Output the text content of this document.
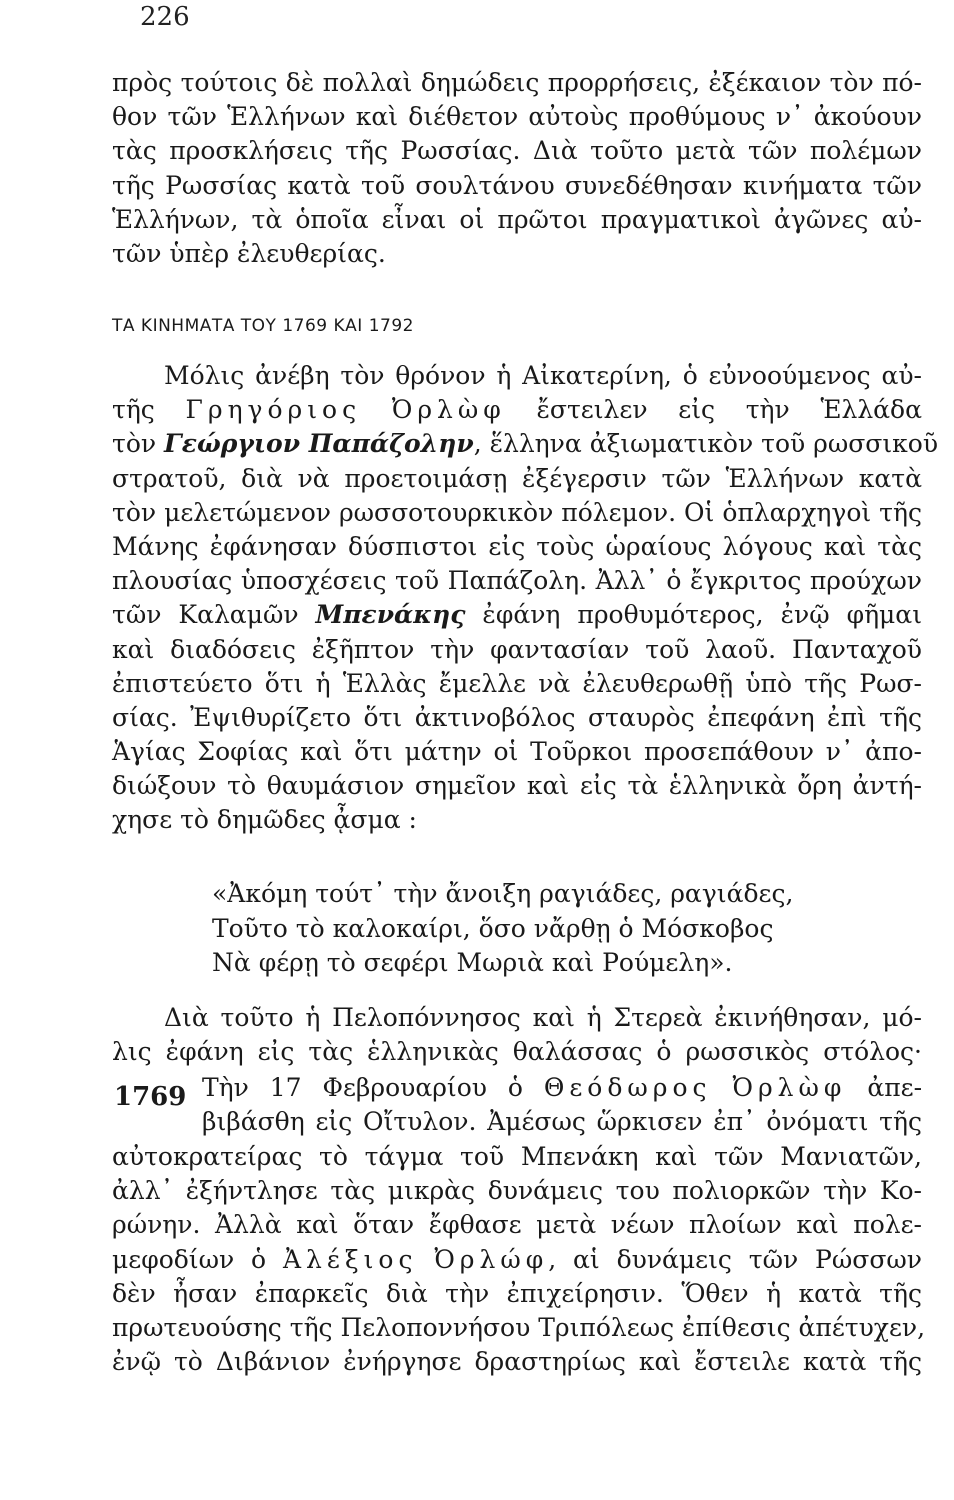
226
πρὸς τούτοις δὲ πολλαὶ δημώδεις προρρήσεις, ἐξέκαιον τὸν πό-
θον τῶν Ἑλλήνων καὶ διέθετον αὐτοὺς προθύμους ν᾿ ἀκούουν
τὰς προσκλήσεις τῆς Ρωσσίας. Διὰ τοῦτο μετὰ τῶν πολέμων
τῆς Ρωσσίας κατὰ τοῦ σουλτάνου συνεδέθησαν κινήματα τῶν
Ἑλλήνων, τὰ ὁποῖα εἶναι οἱ πρῶτοι πραγματικοὶ ἀγῶνες αὐ-
τῶν ὑπὲρ ἐλευθερίας.
ΤΑ ΚΙΝΗΜΑΤΑ ΤΟΥ 1769 ΚΑΙ 1792
Μόλις ἀνέβη τὸν θρόνον ἡ Αἰκατερίνη, ὁ εὐνοούμενος αὐ-
τῆς Γρηγόριος Ὀρλὼφ ἔστειλεν εἰς τὴν Ἑλλάδα
τὸν Γεώργιον Παπάζολην, ἕλληνα ἀξιωματικὸν τοῦ ρωσσικοῦ
στρατοῦ, διὰ νὰ προετοιμάσῃ ἐξέγερσιν τῶν Ἑλλήνων κατὰ
τὸν μελετώμενον ρωσσοτουρκικὸν πόλεμον. Οἱ ὁπλαρχηγοὶ τῆς
Μάνης ἐφάνησαν δύσπιστοι εἰς τοὺς ὡραίους λόγους καὶ τὰς
πλουσίας ὑποσχέσεις τοῦ Παπάζολη. Ἀλλ᾿ ὁ ἔγκριτος προύχων
τῶν Καλαμῶν Μπενάκης ἐφάνη προθυμότερος, ἐνῷ φῆμαι
καὶ διαδόσεις ἐξῆπτον τὴν φαντασίαν τοῦ λαοῦ. Πανταχοῦ
ἐπιστεύετο ὅτι ἡ Ἑλλὰς ἔμελλε νὰ ἐλευθερωθῇ ὑπὸ τῆς Ρωσ-
σίας. Ἐψιθυρίζετο ὅτι ἀκτινοβόλος σταυρὸς ἐπεφάνη ἐπὶ τῆς
Ἁγίας Σοφίας καὶ ὅτι μάτην οἱ Τοῦρκοι προσεπάθουν ν᾿ ἀπο-
διώξουν τὸ θαυμάσιον σημεῖον καὶ εἰς τὰ ἑλληνικὰ ὄρη ἀντή-
χησε τὸ δημῶδες ᾆσμα :
«Ἀκόμη τούτ᾿ τὴν ἄνοιξη ραγιάδες, ραγιάδες,
Τοῦτο τὸ καλοκαίρι, ὅσο νἄρθῃ ὁ Μόσκοβος
Νὰ φέρῃ τὸ σεφέρι Μωριὰ καὶ Ρούμελη».
Διὰ τοῦτο ἡ Πελοπόννησος καὶ ἡ Στερεὰ ἐκινήθησαν, μό-
λις ἐφάνη εἰς τὰς ἑλληνικὰς θαλάσσας ὁ ρωσσικὸς στόλος·
1769 Τὴν 17 Φεβρουαρίου ὁ Θεόδωρος Ὀρλὼφ ἀπε-
βιβάσθη εἰς Οἴτυλον. Ἀμέσως ὥρκισεν ἐπ᾿ ὀνόματι τῆς
αὐτοκρατείρας τὸ τάγμα τοῦ Μπενάκη καὶ τῶν Μανιατῶν,
ἀλλ᾿ ἐξήντλησε τὰς μικρὰς δυνάμεις του πολιορκῶν τὴν Κο-
ρώνην. Ἀλλὰ καὶ ὅταν ἔφθασε μετὰ νέων πλοίων καὶ πολε-
μεφοδίων ὁ Ἀλέξιος Ὀρλώφ, αἱ δυνάμεις τῶν Ρώσσων
δὲν ἦσαν ἐπαρκεῖς διὰ τὴν ἐπιχείρησιν. Ὅθεν ἡ κατὰ τῆς
πρωτευούσης τῆς Πελοποννήσου Τριπόλεως ἐπίθεσις ἀπέτυχεν,
ἐνῷ τὸ Διβάνιον ἐνήργησε δραστηρίως καὶ ἔστειλε κατὰ τῆς
